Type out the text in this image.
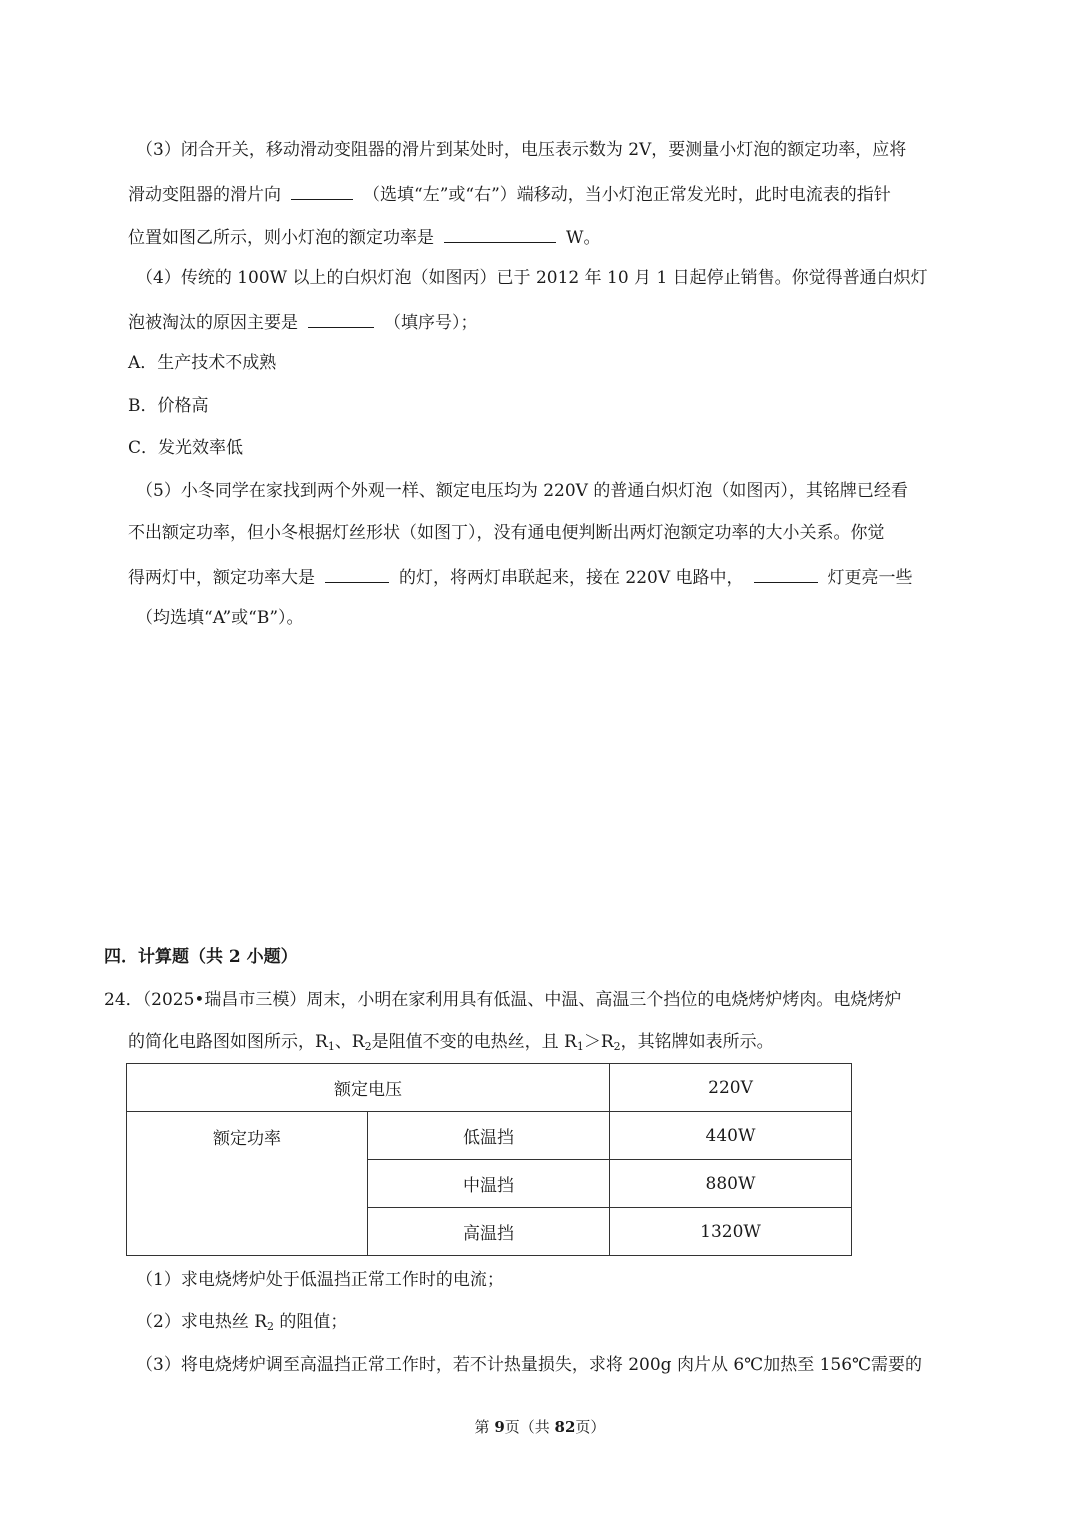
（3）闭合开关，移动滑动变阻器的滑片到某处时，电压表示数为 2V，要测量小灯泡的额定功率，应将
滑动变阻器的滑片向	（选填“左”或“右”）端移动，当小灯泡正常发光时，此时电流表的指针
位置如图乙所示，则小灯泡的额定功率是	W。
（4）传统的 100W 以上的白炽灯泡（如图丙）已于 2012 年 10 月 1 日起停止销售。你觉得普通白炽灯
泡被淘汰的原因主要是	（填序号）；
A．生产技术不成熟
B．价格高
C．发光效率低
（5）小冬同学在家找到两个外观一样、额定电压均为 220V 的普通白炽灯泡（如图丙），其铭牌已经看
不出额定功率，但小冬根据灯丝形状（如图丁），没有通电便判断出两灯泡额定功率的大小关系。你觉
得两灯中，额定功率大是	的灯，将两灯串联起来，接在 220V 电路中，	灯更亮一些
（均选填“A”或“B”）。
四．计算题（共 2 小题）
24．（2025•瑞昌市三模）周末，小明在家利用具有低温、中温、高温三个挡位的电烧烤炉烤肉。电烧烤炉
的简化电路图如图所示，$R_1$、$R_2$是阻值不变的电热丝，且 $R_1>R_2$，其铭牌如表所示。
额定电压		220V
额定功率	低温挡	440W
	中温挡	880W
	高温挡	1320W
（1）求电烧烤炉处于低温挡正常工作时的电流；
（2）求电热丝 $R_2$ 的阻值；
（3）将电烧烤炉调至高温挡正常工作时，若不计热量损失，求将 200g 肉片从 6℃加热至 156℃需要的
第 9页（共 82页）
